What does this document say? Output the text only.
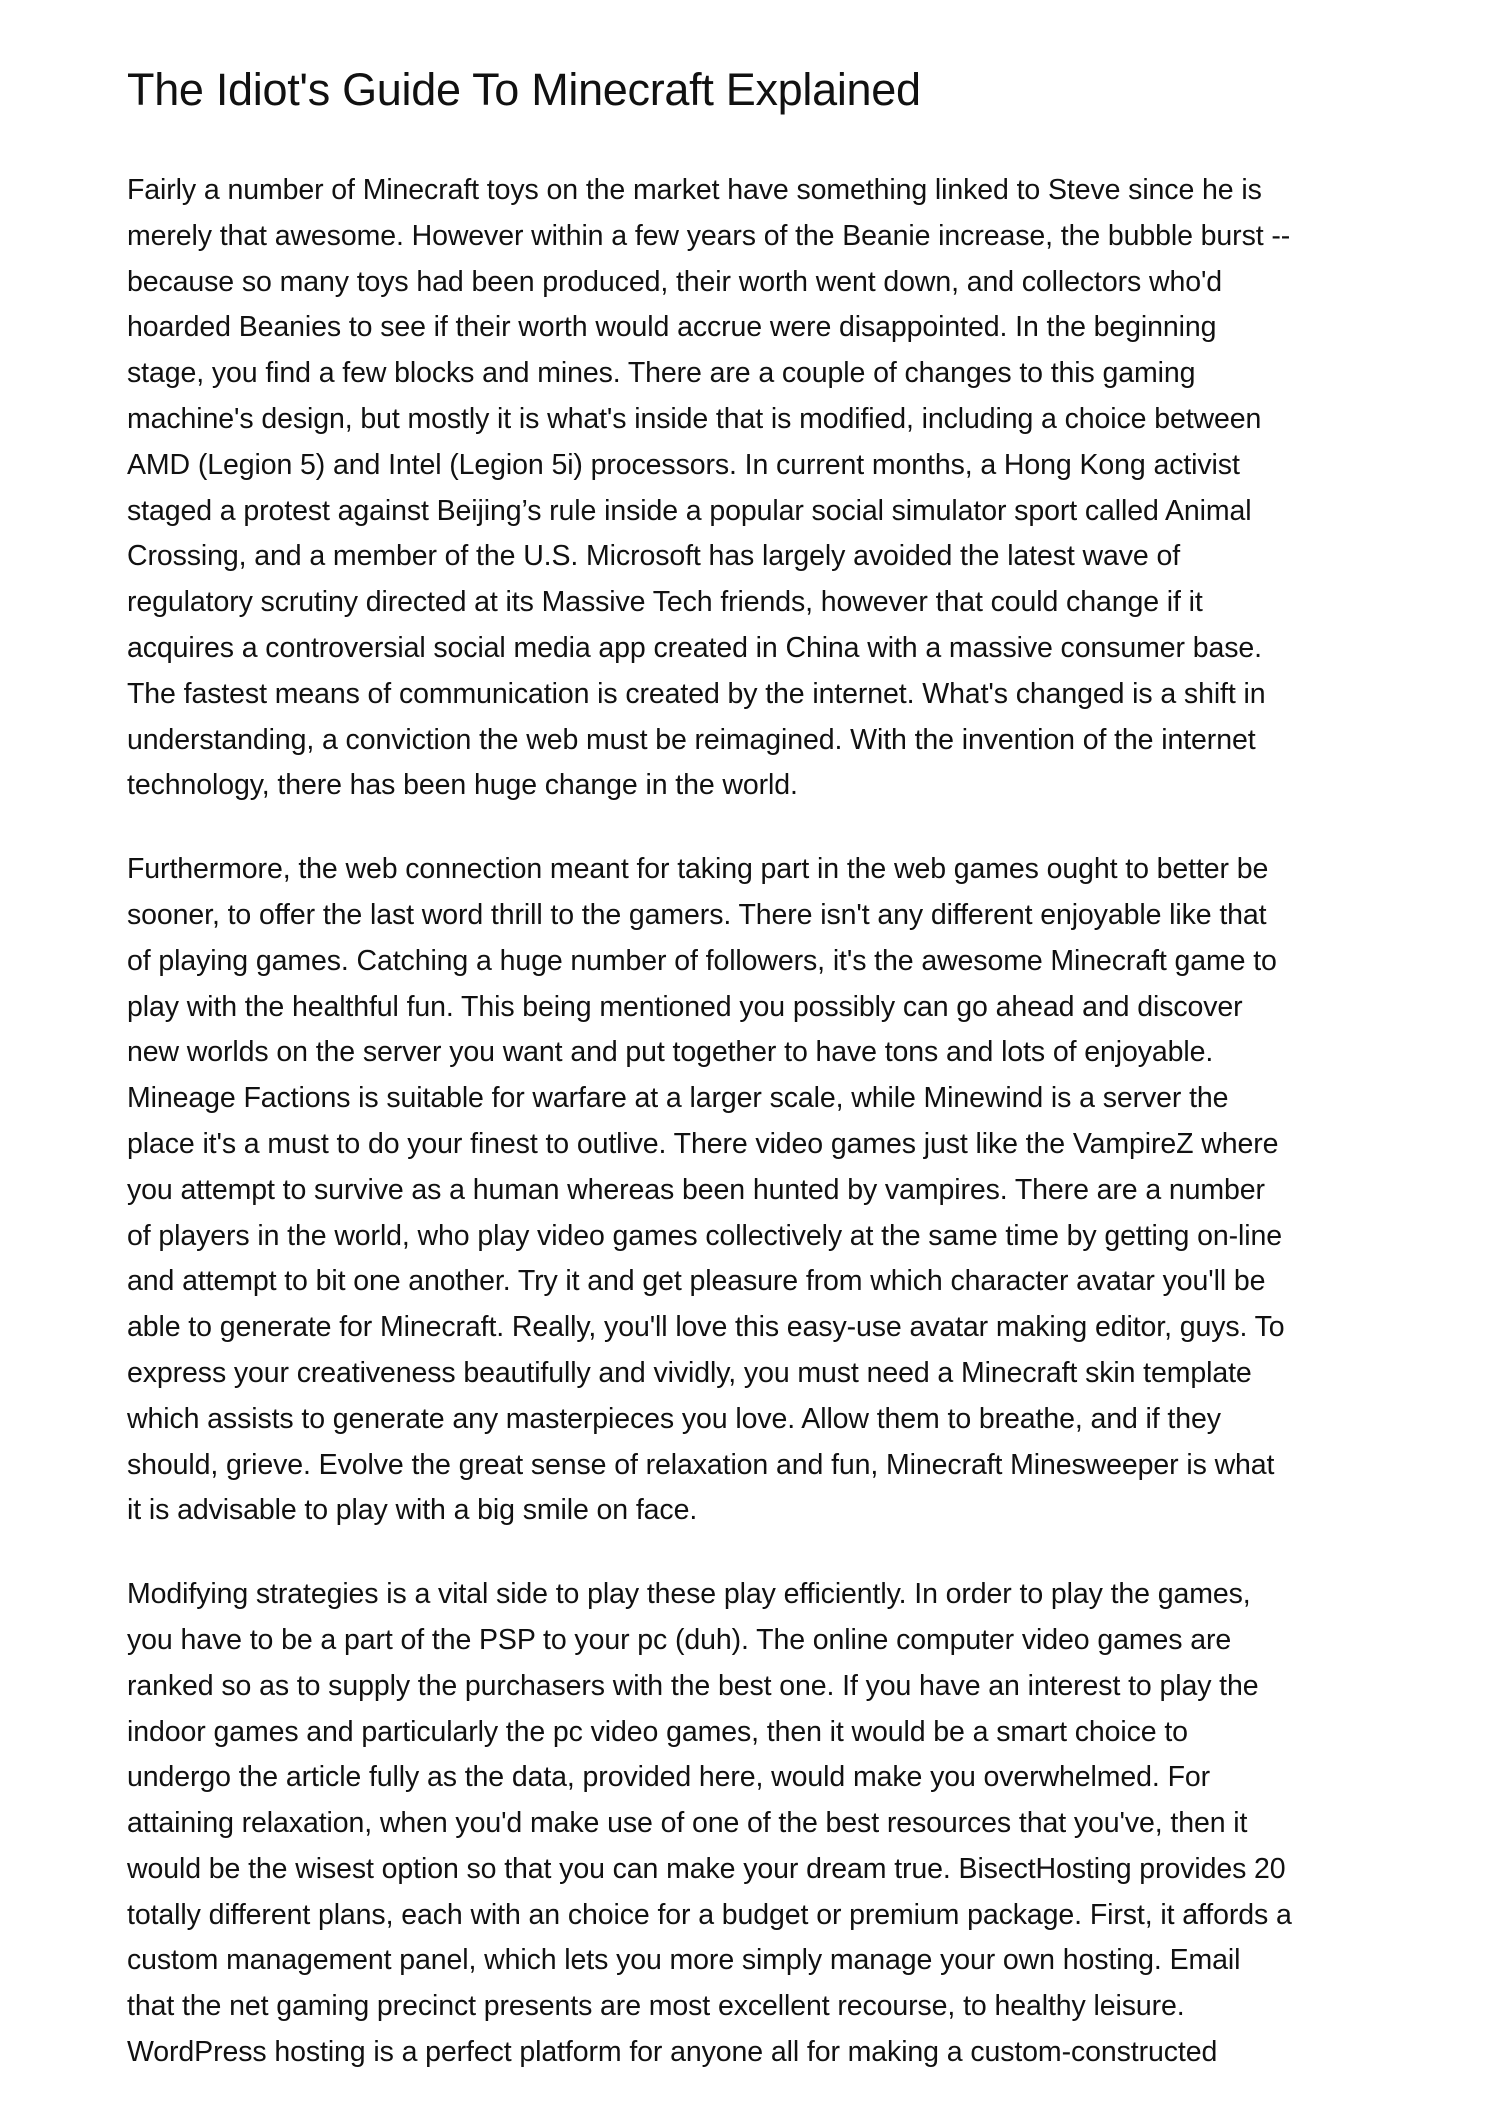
The Idiot's Guide To Minecraft Explained

Fairly a number of Minecraft toys on the market have something linked to Steve since he is
merely that awesome. However within a few years of the Beanie increase, the bubble burst --
because so many toys had been produced, their worth went down, and collectors who'd
hoarded Beanies to see if their worth would accrue were disappointed. In the beginning
stage, you find a few blocks and mines. There are a couple of changes to this gaming
machine's design, but mostly it is what's inside that is modified, including a choice between
AMD (Legion 5) and Intel (Legion 5i) processors. In current months, a Hong Kong activist
staged a protest against Beijing’s rule inside a popular social simulator sport called Animal
Crossing, and a member of the U.S. Microsoft has largely avoided the latest wave of
regulatory scrutiny directed at its Massive Tech friends, however that could change if it
acquires a controversial social media app created in China with a massive consumer base.
The fastest means of communication is created by the internet. What's changed is a shift in
understanding, a conviction the web must be reimagined. With the invention of the internet
technology, there has been huge change in the world.

Furthermore, the web connection meant for taking part in the web games ought to better be
sooner, to offer the last word thrill to the gamers. There isn't any different enjoyable like that
of playing games. Catching a huge number of followers, it's the awesome Minecraft game to
play with the healthful fun. This being mentioned you possibly can go ahead and discover
new worlds on the server you want and put together to have tons and lots of enjoyable.
Mineage Factions is suitable for warfare at a larger scale, while Minewind is a server the
place it's a must to do your finest to outlive. There video games just like the VampireZ where
you attempt to survive as a human whereas been hunted by vampires. There are a number
of players in the world, who play video games collectively at the same time by getting on-line
and attempt to bit one another. Try it and get pleasure from which character avatar you'll be
able to generate for Minecraft. Really, you'll love this easy-use avatar making editor, guys. To
express your creativeness beautifully and vividly, you must need a Minecraft skin template
which assists to generate any masterpieces you love. Allow them to breathe, and if they
should, grieve. Evolve the great sense of relaxation and fun, Minecraft Minesweeper is what
it is advisable to play with a big smile on face.

Modifying strategies is a vital side to play these play efficiently. In order to play the games,
you have to be a part of the PSP to your pc (duh). The online computer video games are
ranked so as to supply the purchasers with the best one. If you have an interest to play the
indoor games and particularly the pc video games, then it would be a smart choice to
undergo the article fully as the data, provided here, would make you overwhelmed. For
attaining relaxation, when you'd make use of one of the best resources that you've, then it
would be the wisest option so that you can make your dream true. BisectHosting provides 20
totally different plans, each with an choice for a budget or premium package. First, it affords a
custom management panel, which lets you more simply manage your own hosting. Email
that the net gaming precinct presents are most excellent recourse, to healthy leisure.
WordPress hosting is a perfect platform for anyone all for making a custom-constructed
